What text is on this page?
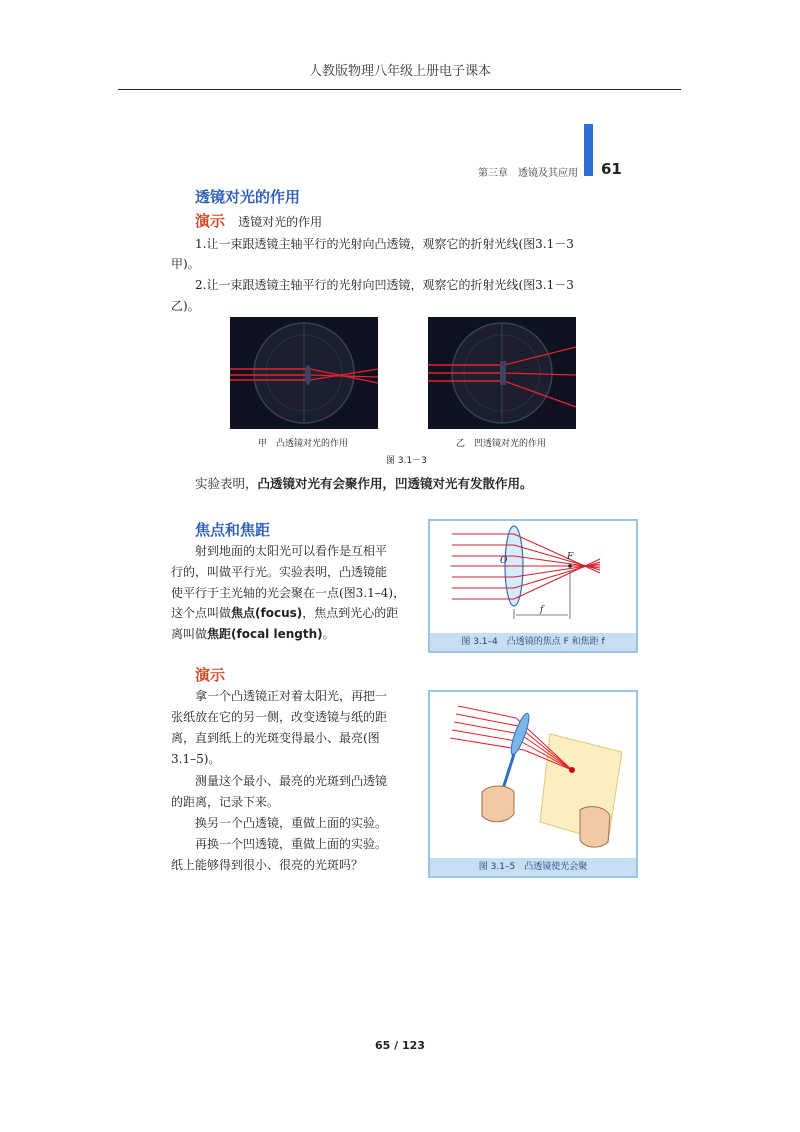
人教版物理八年级上册电子课本
第三章　透镜及其应用 61
透镜对光的作用
演示 透镜对光的作用
1.让一束跟透镜主轴平行的光射向凸透镜，观察它的折射光线(图3.1－3
甲)。
2.让一束跟透镜主轴平行的光射向凹透镜，观察它的折射光线(图3.1－3
乙)。
甲　凸透镜对光的作用	乙　凹透镜对光的作用
图 3.1－3
实验表明，凸透镜对光有会聚作用，凹透镜对光有发散作用。
焦点和焦距
射到地面的太阳光可以看作是互相平
行的，叫做平行光。实验表明，凸透镜能
使平行于主光轴的光会聚在一点(图3.1–4)，
这个点叫做焦点(focus)，焦点到光心的距
离叫做焦距(focal length)。
O	F
f
图 3.1–4　凸透镜的焦点 F 和焦距 f
演示
拿一个凸透镜正对着太阳光，再把一
张纸放在它的另一侧，改变透镜与纸的距
离，直到纸上的光斑变得最小、最亮(图
3.1–5)。
测量这个最小、最亮的光斑到凸透镜
的距离，记录下来。
换另一个凸透镜，重做上面的实验。
再换一个凹透镜，重做上面的实验。
纸上能够得到很小、很亮的光斑吗？	图 3.1–5　凸透镜使光会聚
65 / 123
